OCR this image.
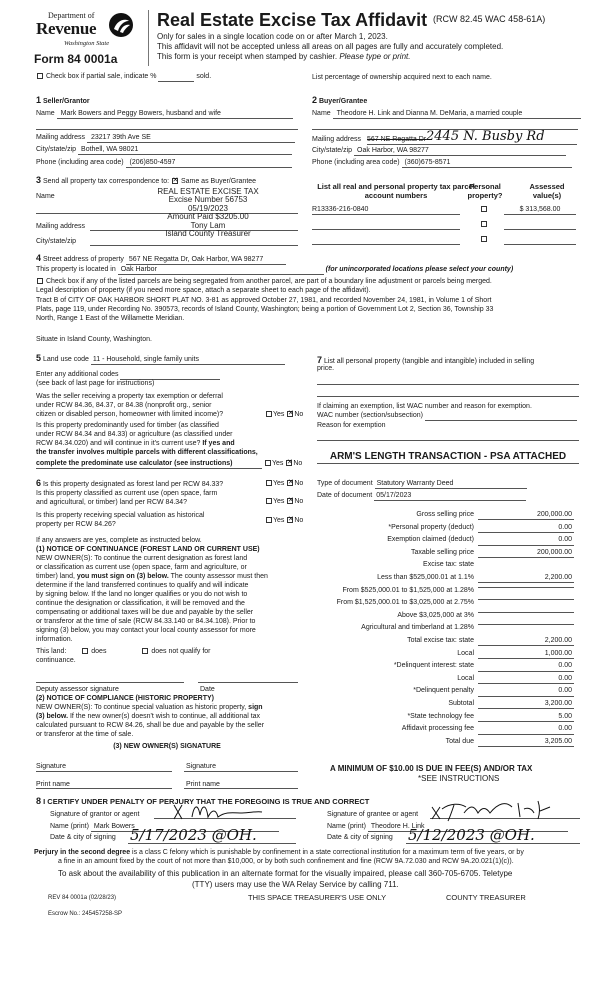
Department of
Revenue
Washington State
Form 84 0001a
Real Estate Excise Tax Affidavit (RCW 82.45 WAC 458-61A)
Only for sales in a single location code on or after March 1, 2023.
This affidavit will not be accepted unless all areas on all pages are fully and accurately completed.
This form is your receipt when stamped by cashier. Please type or print.
Check box if partial sale, indicate %	sold.	List percentage of ownership acquired next to each name.
1 Seller/Grantor
Name Mark Bowers and Peggy Bowers, husband and wife
Mailing address 23217 39th Ave SE
City/state/zip Bothell, WA 98021
Phone (including area code) (206)850-4597
2 Buyer/Grantee
Name Theodore H. Link and Dianna M. DeMaria, a married couple
Mailing address 567 NE Regatta Dr 2445 N. Busby Rd
City/state/zip Oak Harbor, WA 98277
Phone (including area code) (360)675-8571
3 Send all property tax correspondence to: ✕ Same as Buyer/Grantee
Name
Mailing address
City/state/zip
REAL ESTATE EXCISE TAX
Excise Number 56753
05/19/2023
Amount Paid $3205.00
Tony Lam
Island County Treasurer
List all real and personal property tax parcel account numbers
Personal property?
Assessed value(s)
R13336-216-0840	$ 313,568.00
4 Street address of property 567 NE Regatta Dr, Oak Harbor, WA 98277
This property is located in Oak Harbor	(for unincorporated locations please select your county)
Check box if any of the listed parcels are being segregated from another parcel, are part of a boundary line adjustment or parcels being merged.
Legal description of property (if you need more space, attach a separate sheet to each page of the affidavit).
Tract B of CITY OF OAK HARBOR SHORT PLAT NO. 3-81 as approved October 27, 1981, and recorded November 24, 1981, in Volume 1 of Short
Plats, page 119, under Recording No. 390573, records of Island County, Washington; being a portion of Government Lot 2, Section 36, Township 33
North, Range 1 East of the Willamette Meridian.
Situate in Island County, Washington.
5 Land use code 11 - Household, single family units
Enter any additional codes
(see back of last page for instructions)
Was the seller receiving a property tax exemption or deferral
under RCW 84.36, 84.37, or 84.38 (nonprofit org., senior
citizen or disabled person, homeowner with limited income)?	Yes ✕ No
Is this property predominantly used for timber (as classified
under RCW 84.34 and 84.33) or agriculture (as classified under
RCW 84.34.020) and will continue in it's current use? If yes and
the transfer involves multiple parcels with different classifications,
complete the predominate use calculator (see instructions)	Yes ✕ No
7 List all personal property (tangible and intangible) included in selling
price.
If claiming an exemption, list WAC number and reason for exemption.
WAC number (section/subsection)
Reason for exemption
ARM'S LENGTH TRANSACTION - PSA ATTACHED
Type of document Statutory Warranty Deed
Date of document 05/17/2023
6 Is this property designated as forest land per RCW 84.33?	Yes ✕ No
Is this property classified as current use (open space, farm
and agricultural, or timber) land per RCW 84.34?	Yes ✕ No
Is this property receiving special valuation as historical
property per RCW 84.26?
Yes ✕ No
If any answers are yes, complete as instructed below.
(1) NOTICE OF CONTINUANCE (FOREST LAND OR CURRENT USE)
NEW OWNER(S): To continue the current designation as forest land
or classification as current use (open space, farm and agriculture, or
timber) land, you must sign on (3) below. The county assessor must then
determine if the land transferred continues to qualify and will indicate
by signing below. If the land no longer qualifies or you do not wish to
continue the designation or classification, it will be removed and the
compensating or additional taxes will be due and payable by the seller
or transferor at the time of sale (RCW 84.33.140 or 84.34.108). Prior to
signing (3) below, you may contact your local county assessor for more
information.
This land:	does	does not qualify for
continuance.
Deputy assessor signature	Date
(2) NOTICE OF COMPLIANCE (HISTORIC PROPERTY)
NEW OWNER(S): To continue special valuation as historic property, sign
(3) below. If the new owner(s) doesn't wish to continue, all additional tax
calculated pursuant to RCW 84.26, shall be due and payable by the seller
or transferor at the time of sale.
(3) NEW OWNER(S) SIGNATURE
Signature	Signature
Print name	Print name
Gross selling price	200,000.00
*Personal property (deduct)	0.00
Exemption claimed (deduct)	0.00
Taxable selling price	200,000.00
Excise tax: state
Less than $525,000.01 at 1.1%	2,200.00
From $525,000.01 to $1,525,000 at 1.28%
From $1,525,000.01 to $3,025,000 at 2.75%
Above $3,025,000 at 3%
Agricultural and timberland at 1.28%
Total excise tax: state	2,200.00
Local	1,000.00
*Delinquent interest: state	0.00
Local	0.00
*Delinquent penalty	0.00
Subtotal	3,200.00
*State technology fee	5.00
Affidavit processing fee	0.00
Total due	3,205.00
A MINIMUM OF $10.00 IS DUE IN FEE(S) AND/OR TAX
*SEE INSTRUCTIONS
8 I CERTIFY UNDER PENALTY OF PERJURY THAT THE FOREGOING IS TRUE AND CORRECT
Signature of grantor or agent
Name (print) Mark Bowers
Date & city of signing 5/17/2023 @OH.
Signature of grantee or agent
Name (print) Theodore H. Link
Date & city of signing 5/12/2023 @OH.
Perjury in the second degree is a class C felony which is punishable by confinement in a state correctional institution for a maximum term of five years, or by
a fine in an amount fixed by the court of not more than $10,000, or by both such confinement and fine (RCW 9A.72.030 and RCW 9A.20.021(1)(c)).
To ask about the availability of this publication in an alternate format for the visually impaired, please call 360-705-6705. Teletype
(TTY) users may use the WA Relay Service by calling 711.
REV 84 0001a (02/28/23)	THIS SPACE TREASURER'S USE ONLY	COUNTY TREASURER
Escrow No.: 245457258-SP
